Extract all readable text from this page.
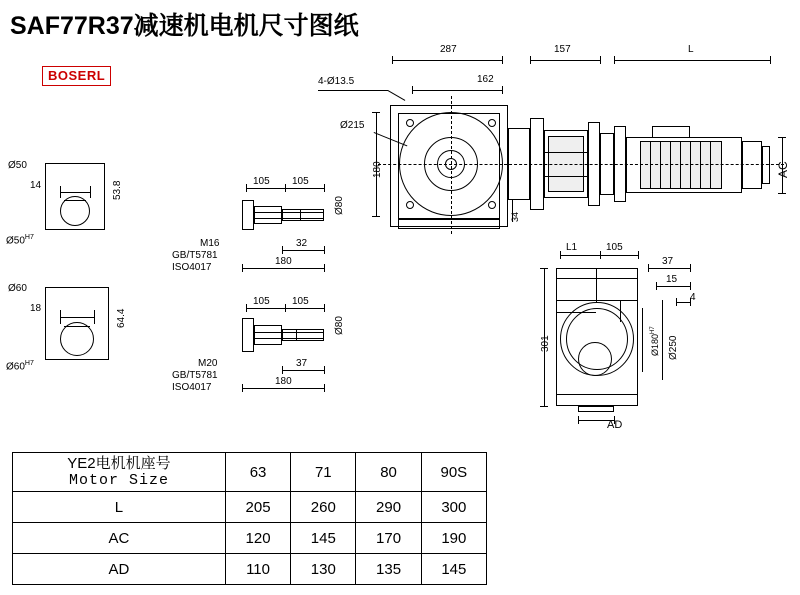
SAF77R37减速机电机尺寸图纸
BOSERL
Ø50
14	53.8
$Ø50^{H7}$
Ø60
18
64.4
$Ø60^{H7}$
105 105
32
180
Ø80
M16
GB/T5781
ISO4017
105 105
37
180
Ø80
M20
GB/T5781
ISO4017
287
162
157	L
4-Ø13.5
Ø215
180
34
AC
L1	105
37
15
4
301	$Ø180^{H7}$
Ø250
AD
YE2电机机座号
Motor Size	63	71	80	90S
L	205	260	290	300
AC	120	145	170	190
AD	110	130	135	145
